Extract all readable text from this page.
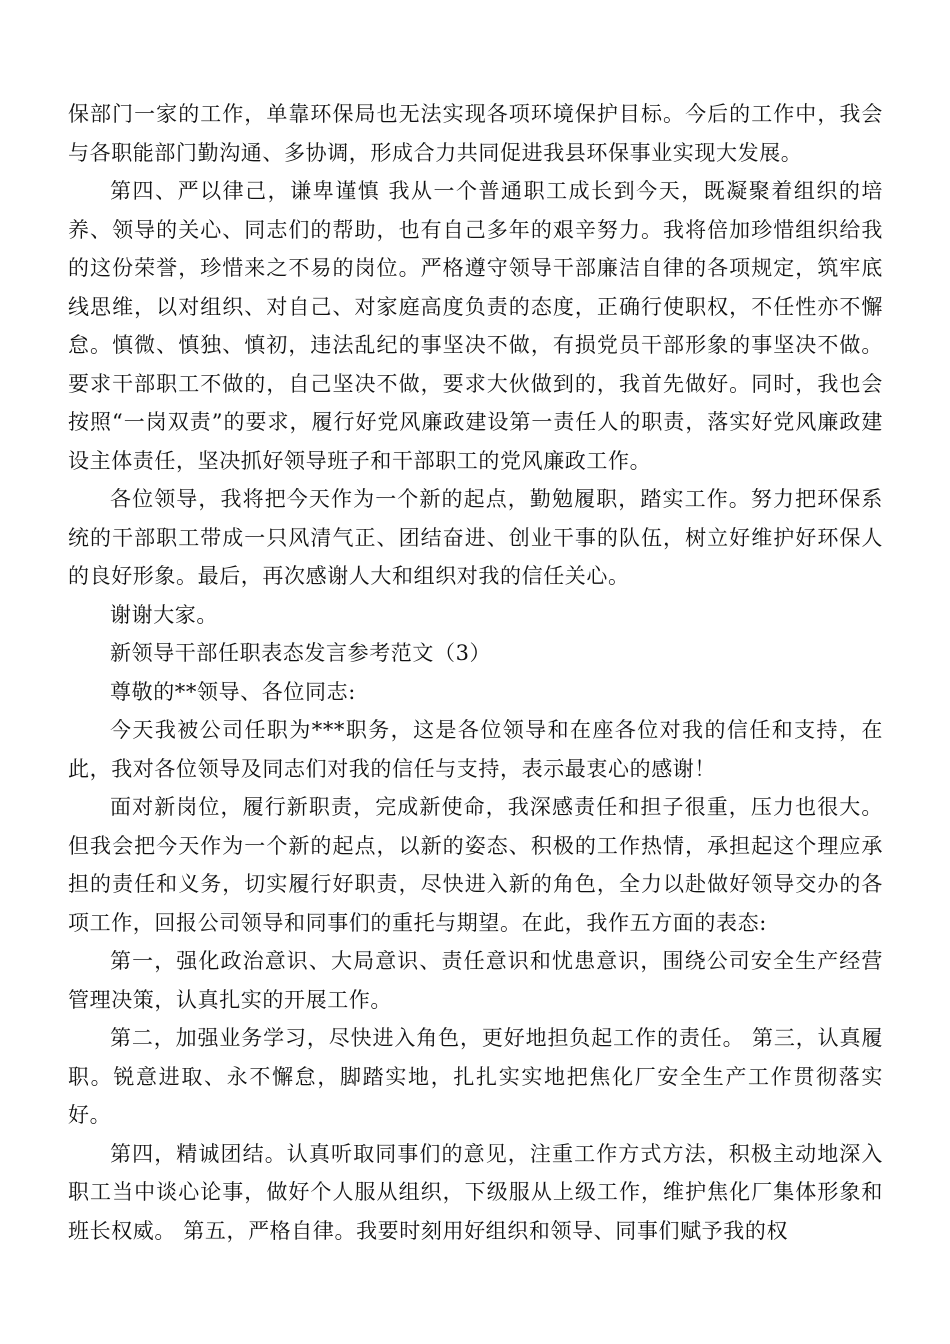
保部门一家的工作，单靠环保局也无法实现各项环境保护目标。今后的工作中，我会与各职能部门勤沟通、多协调，形成合力共同促进我县环保事业实现大发展。

第四、严以律己，谦卑谨慎 我从一个普通职工成长到今天，既凝聚着组织的培养、领导的关心、同志们的帮助，也有自己多年的艰辛努力。我将倍加珍惜组织给我的这份荣誉，珍惜来之不易的岗位。严格遵守领导干部廉洁自律的各项规定，筑牢底线思维，以对组织、对自己、对家庭高度负责的态度，正确行使职权，不任性亦不懈怠。慎微、慎独、慎初，违法乱纪的事坚决不做，有损党员干部形象的事坚决不做。要求干部职工不做的，自己坚决不做，要求大伙做到的，我首先做好。同时，我也会按照“一岗双责”的要求，履行好党风廉政建设第一责任人的职责，落实好党风廉政建设主体责任，坚决抓好领导班子和干部职工的党风廉政工作。

各位领导，我将把今天作为一个新的起点，勤勉履职，踏实工作。努力把环保系统的干部职工带成一只风清气正、团结奋进、创业干事的队伍，树立好维护好环保人的良好形象。最后，再次感谢人大和组织对我的信任关心。

谢谢大家。

新领导干部任职表态发言参考范文（3）

尊敬的**领导、各位同志:

今天我被公司任职为***职务，这是各位领导和在座各位对我的信任和支持，在此，我对各位领导及同志们对我的信任与支持，表示最衷心的感谢！

面对新岗位，履行新职责，完成新使命，我深感责任和担子很重，压力也很大。但我会把今天作为一个新的起点，以新的姿态、积极的工作热情，承担起这个理应承担的责任和义务，切实履行好职责，尽快进入新的角色，全力以赴做好领导交办的各项工作，回报公司领导和同事们的重托与期望。在此，我作五方面的表态:

第一，强化政治意识、大局意识、责任意识和忧患意识，围绕公司安全生产经营管理决策，认真扎实的开展工作。

第二，加强业务学习，尽快进入角色，更好地担负起工作的责任。 第三，认真履职。锐意进取、永不懈怠，脚踏实地，扎扎实实地把焦化厂安全生产工作贯彻落实好。

第四，精诚团结。认真听取同事们的意见，注重工作方式方法，积极主动地深入职工当中谈心论事，做好个人服从组织，下级服从上级工作，维护焦化厂集体形象和班长权威。 第五，严格自律。我要时刻用好组织和领导、同事们赋予我的权
